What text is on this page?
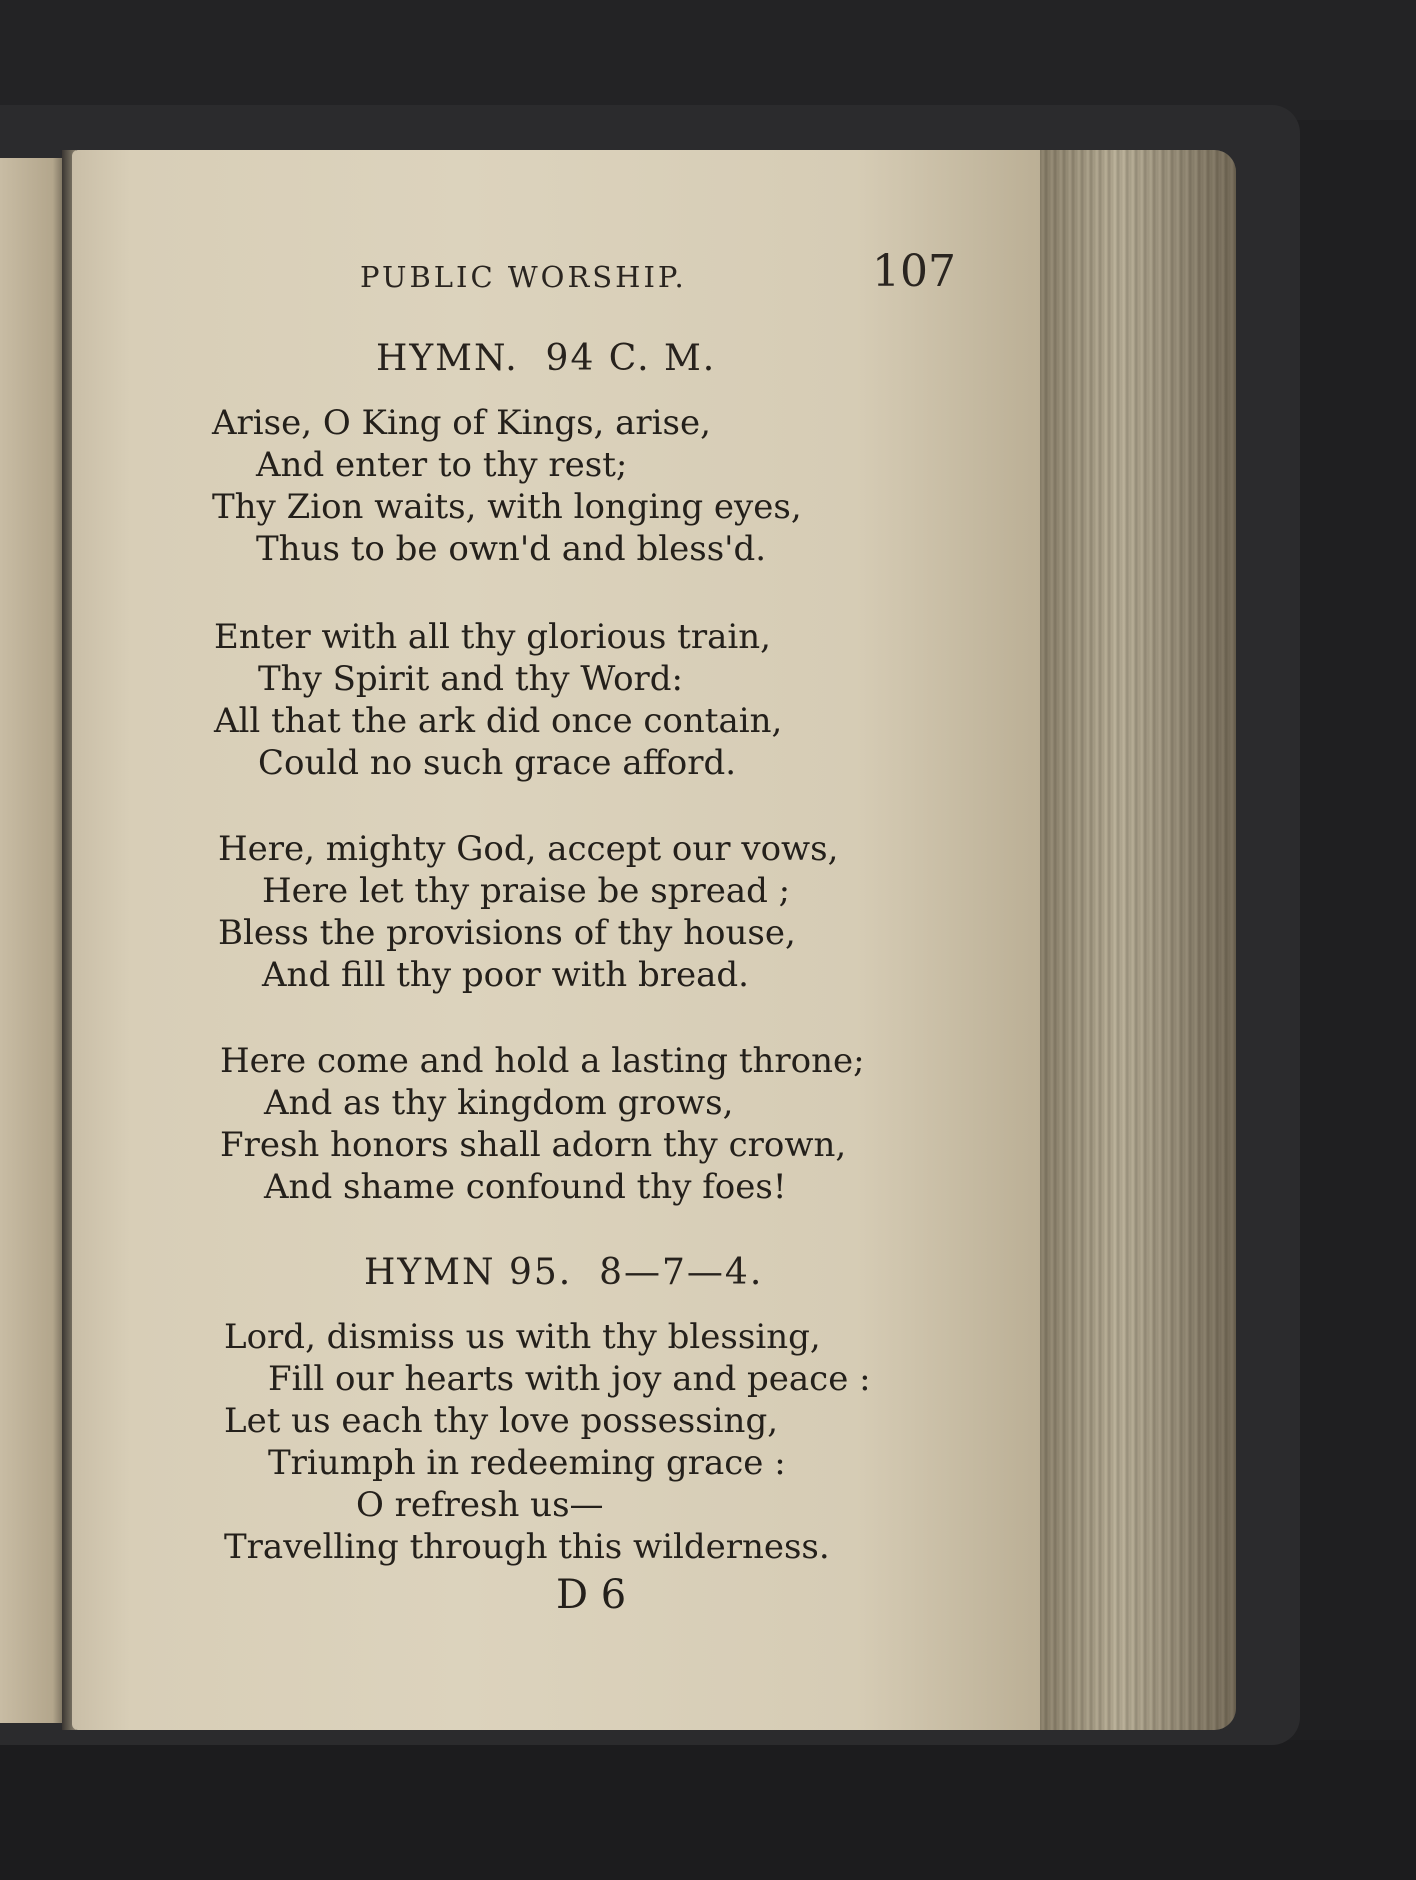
PUBLIC WORSHIP.	107

HYMN.  94 C. M.
Arise, O King of Kings, arise,
And enter to thy rest;
Thy Zion waits, with longing eyes,
Thus to be own'd and bless'd.
Enter with all thy glorious train,
Thy Spirit and thy Word:
All that the ark did once contain,
Could no such grace afford.
Here, mighty God, accept our vows,
Here let thy praise be spread ;
Bless the provisions of thy house,
And fill thy poor with bread.
Here come and hold a lasting throne;
And as thy kingdom grows,
Fresh honors shall adorn thy crown,
And shame confound thy foes!
HYMN 95.  8—7—4.
Lord, dismiss us with thy blessing,
Fill our hearts with joy and peace :
Let us each thy love possessing,
Triumph in redeeming grace :
O refresh us—
Travelling through this wilderness.

D 6
